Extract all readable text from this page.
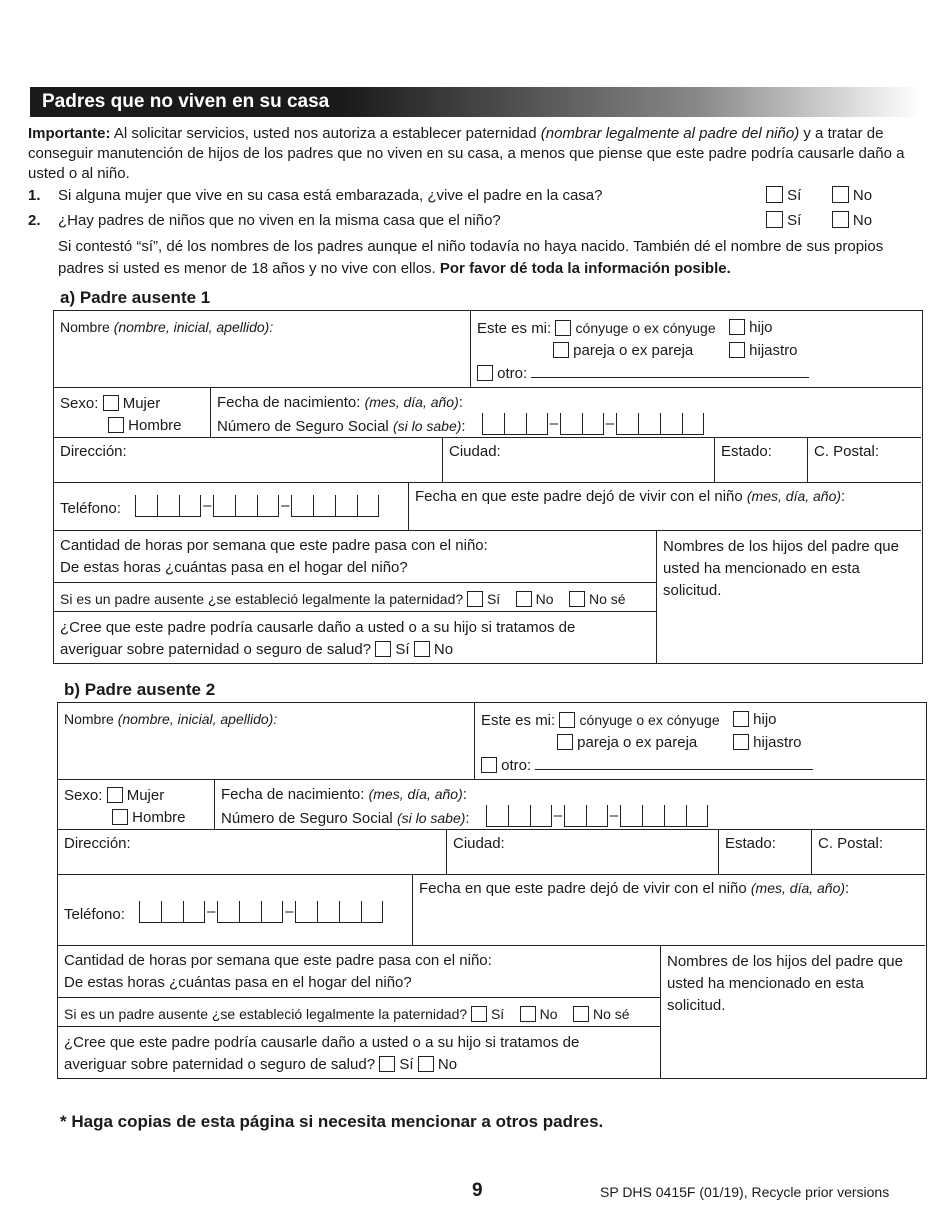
Padres que no viven en su casa
Importante: Al solicitar servicios, usted nos autoriza a establecer paternidad (nombrar legalmente al padre del niño) y a tratar de conseguir manutención de hijos de los padres que no viven en su casa, a menos que piense que este padre podría causarle daño a usted o al niño.
1. Si alguna mujer que vive en su casa está embarazada, ¿vive el padre en la casa?	Sí	No
2. ¿Hay padres de niños que no viven en la misma casa que el niño?	Sí	No
Si contestó “sí”, dé los nombres de los padres aunque el niño todavía no haya nacido. También dé el nombre de sus propios padres si usted es menor de 18 años y no vive con ellos. Por favor dé toda la información posible.
a) Padre ausente 1
Nombre (nombre, inicial, apellido):	Este es mi: cónyuge o ex cónyuge	hijo
pareja o ex pareja	hijastro
otro:
Sexo: Mujer
Hombre
Fecha de nacimiento: (mes, día, año):
Número de Seguro Social (si lo sabe):	–	–
Dirección:	Ciudad:	Estado:	C. Postal:
Teléfono:	–	–
Fecha en que este padre dejó de vivir con el niño (mes, día, año):
Cantidad de horas por semana que este padre pasa con el niño:
De estas horas ¿cuántas pasa en el hogar del niño?
Si es un padre ausente ¿se estableció legalmente la paternidad? Sí	No	No sé
¿Cree que este padre podría causarle daño a usted o a su hijo si tratamos de
averiguar sobre paternidad o seguro de salud? Sí No
Nombres de los hijos del padre que usted ha mencionado en esta solicitud.
b) Padre ausente 2
Nombre (nombre, inicial, apellido):	Este es mi: cónyuge o ex cónyuge	hijo
pareja o ex pareja	hijastro
otro:
Sexo: Mujer
Hombre
Fecha de nacimiento: (mes, día, año):
Número de Seguro Social (si lo sabe):	–	–
Dirección:	Ciudad:	Estado:	C. Postal:
Teléfono:	–	–
Fecha en que este padre dejó de vivir con el niño (mes, día, año):
Cantidad de horas por semana que este padre pasa con el niño:
De estas horas ¿cuántas pasa en el hogar del niño?
Si es un padre ausente ¿se estableció legalmente la paternidad? Sí	No	No sé
¿Cree que este padre podría causarle daño a usted o a su hijo si tratamos de
averiguar sobre paternidad o seguro de salud? Sí No
Nombres de los hijos del padre que usted ha mencionado en esta solicitud.
* Haga copias de esta página si necesita mencionar a otros padres.
9	SP DHS 0415F (01/19), Recycle prior versions
